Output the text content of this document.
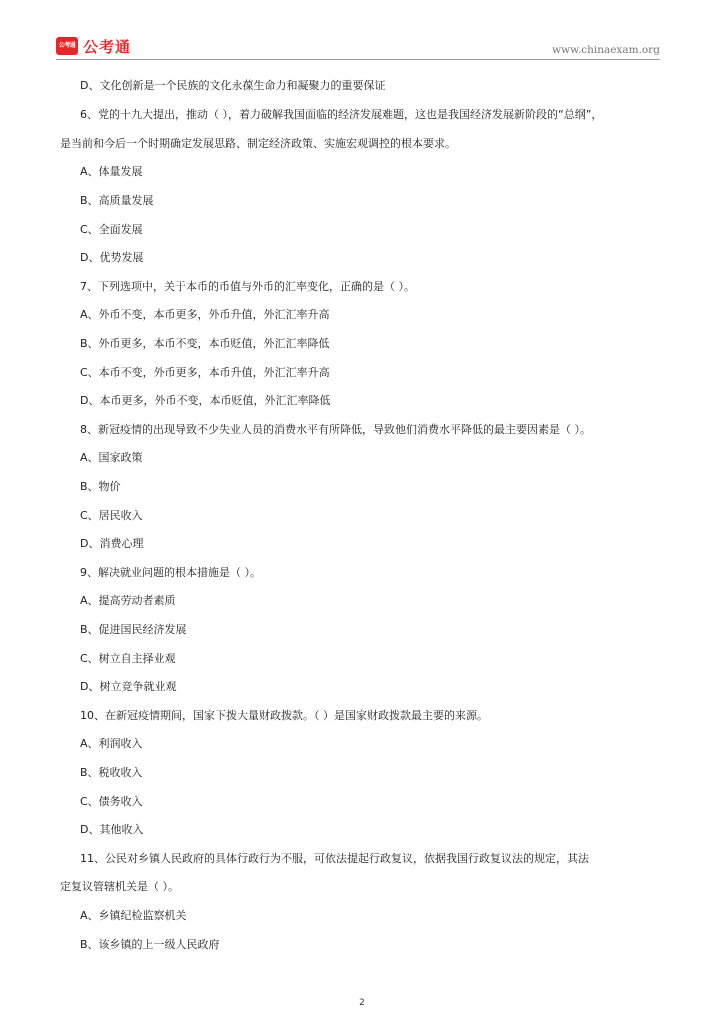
公考通 公考通	www.chinaexam.org
D、文化创新是一个民族的文化永葆生命力和凝聚力的重要保证
6、党的十九大提出，推动（ ），着力破解我国面临的经济发展难题，这也是我国经济发展新阶段的“总纲”，
是当前和今后一个时期确定发展思路、制定经济政策、实施宏观调控的根本要求。
A、体量发展
B、高质量发展
C、全面发展
D、优势发展
7、下列选项中，关于本币的币值与外币的汇率变化，正确的是（ ）。
A、外币不变，本币更多，外币升值，外汇汇率升高
B、外币更多，本币不变，本币贬值，外汇汇率降低
C、本币不变，外币更多，本币升值，外汇汇率升高
D、本币更多，外币不变，本币贬值，外汇汇率降低
8、新冠疫情的出现导致不少失业人员的消费水平有所降低，导致他们消费水平降低的最主要因素是（ ）。
A、国家政策
B、物价
C、居民收入
D、消费心理
9、解决就业问题的根本措施是（ ）。
A、提高劳动者素质
B、促进国民经济发展
C、树立自主择业观
D、树立竞争就业观
10、在新冠疫情期间，国家下拨大量财政拨款。（ ）是国家财政拨款最主要的来源。
A、利润收入
B、税收收入
C、债务收入
D、其他收入
11、公民对乡镇人民政府的具体行政行为不服，可依法提起行政复议，依据我国行政复议法的规定，其法
定复议管辖机关是（ ）。
A、乡镇纪检监察机关
B、该乡镇的上一级人民政府
2
